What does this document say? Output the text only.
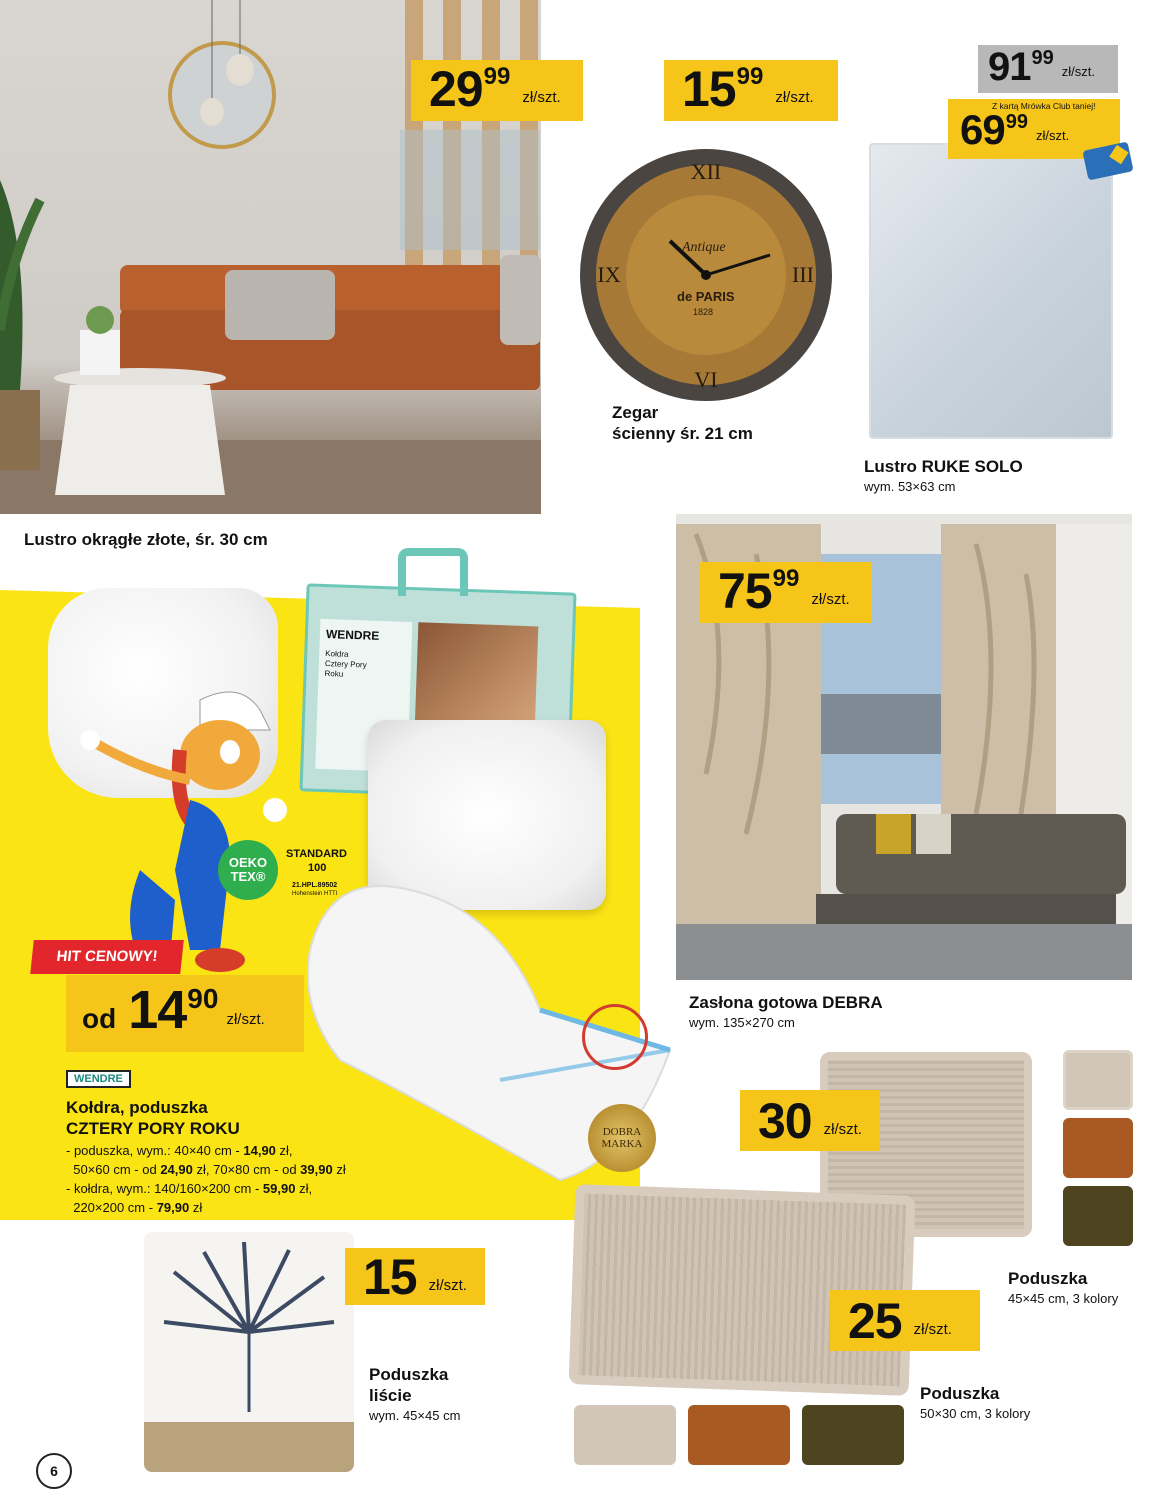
29 99
zł/szt.
Lustro okrągłe złote, śr. 30 cm
15 99
zł/szt.
XII
III
VI
IX
Antique
de PARIS
1828
Zegar
ścienny śr. 21 cm
91 99
zł/szt.
69 99
zł/szt.
Z kartą Mrówka Club taniej!
Lustro RUKE SOLO
wym. 53×63 cm
WENDRE
Kołdra
Cztery Pory
Roku
DOBRA
MARKA
OEKO
TEX®
STANDARD
100
21.HPL.89502
Hohenstein HTTI
HIT CENOWY!
od 14 90
zł/szt.
WENDRE
Kołdra, poduszka
CZTERY PORY ROKU
- poduszka, wym.: 40×40 cm - 14,90 zł,
50×60 cm - od 24,90 zł, 70×80 cm - od 39,90 zł
- kołdra, wym.: 140/160×200 cm - 59,90 zł,
220×200 cm - 79,90 zł
75 99
zł/szt.
Zasłona gotowa DEBRA
wym. 135×270 cm
30 zł/szt.
Poduszka
45×45 cm, 3 kolory
15 zł/szt.
Poduszka
liście
wym. 45×45 cm
25 zł/szt.
Poduszka
50×30 cm, 3 kolory
6
